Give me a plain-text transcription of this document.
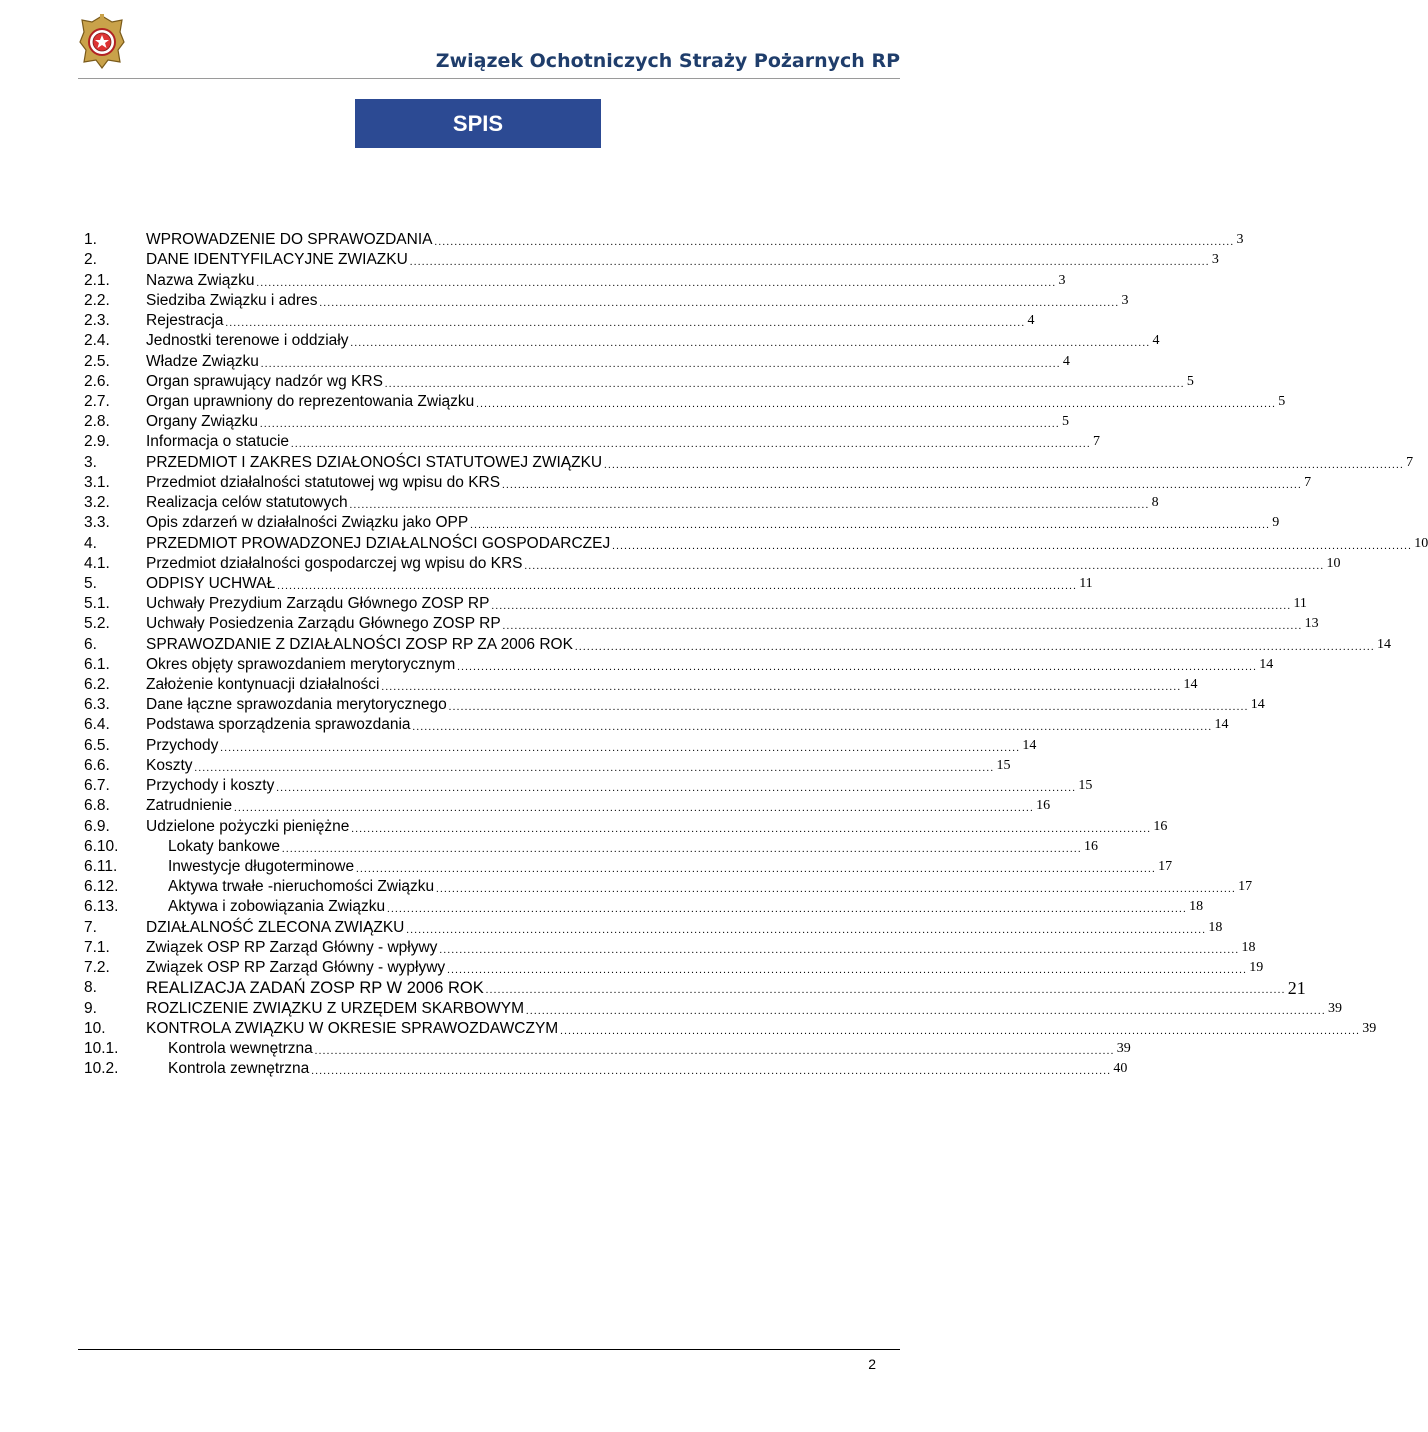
Związek Ochotniczych Straży Pożarnych RP
SPIS
1.	WPROWADZENIE DO SPRAWOZDANIA ........................................................................................................................................................................................................ 3
2.	DANE IDENTYFILACYJNE ZWIAZKU ........................................................................................................................................................................................................ 3
2.1.	Nazwa Związku ........................................................................................................................................................................................................ 3
2.2.	Siedziba Związku i adres ........................................................................................................................................................................................................ 3
2.3.	Rejestracja ........................................................................................................................................................................................................ 4
2.4.	Jednostki terenowe i oddziały ........................................................................................................................................................................................................ 4
2.5.	Władze Związku ........................................................................................................................................................................................................ 4
2.6.	Organ sprawujący nadzór wg KRS ........................................................................................................................................................................................................ 5
2.7.	Organ uprawniony do reprezentowania Związku ........................................................................................................................................................................................................ 5
2.8.	Organy Związku ........................................................................................................................................................................................................ 5
2.9.	Informacja o statucie ........................................................................................................................................................................................................ 7
3.	PRZEDMIOT I ZAKRES DZIAŁONOŚCI STATUTOWEJ ZWIĄZKU ........................................................................................................................................................................................................ 7
3.1.	Przedmiot działalności statutowej wg wpisu do KRS ........................................................................................................................................................................................................ 7
3.2.	Realizacja celów statutowych ........................................................................................................................................................................................................ 8
3.3.	Opis zdarzeń w działalności Związku jako OPP ........................................................................................................................................................................................................ 9
4.	PRZEDMIOT PROWADZONEJ DZIAŁALNOŚCI GOSPODARCZEJ ........................................................................................................................................................................................................ 10
4.1.	Przedmiot działalności gospodarczej wg wpisu do KRS ........................................................................................................................................................................................................ 10
5.	ODPISY UCHWAŁ ........................................................................................................................................................................................................ 11
5.1.	Uchwały Prezydium Zarządu Głównego ZOSP RP ........................................................................................................................................................................................................ 11
5.2.	Uchwały Posiedzenia Zarządu Głównego ZOSP RP ........................................................................................................................................................................................................ 13
6.	SPRAWOZDANIE Z DZIAŁALNOŚCI ZOSP RP ZA 2006 ROK ........................................................................................................................................................................................................ 14
6.1.	Okres objęty sprawozdaniem merytorycznym ........................................................................................................................................................................................................ 14
6.2.	Założenie kontynuacji działalności ........................................................................................................................................................................................................ 14
6.3.	Dane łączne sprawozdania merytorycznego ........................................................................................................................................................................................................ 14
6.4.	Podstawa sporządzenia sprawozdania ........................................................................................................................................................................................................ 14
6.5.	Przychody ........................................................................................................................................................................................................ 14
6.6.	Koszty ........................................................................................................................................................................................................ 15
6.7.	Przychody i koszty ........................................................................................................................................................................................................ 15
6.8.	Zatrudnienie ........................................................................................................................................................................................................ 16
6.9.	Udzielone pożyczki pieniężne ........................................................................................................................................................................................................ 16
6.10.	Lokaty bankowe ........................................................................................................................................................................................................ 16
6.11.	Inwestycje długoterminowe ........................................................................................................................................................................................................ 17
6.12.	Aktywa trwałe -nieruchomości Związku ........................................................................................................................................................................................................ 17
6.13.	Aktywa i zobowiązania Związku ........................................................................................................................................................................................................ 18
7.	DZIAŁALNOŚĆ ZLECONA ZWIĄZKU ........................................................................................................................................................................................................ 18
7.1.	Związek OSP RP Zarząd Główny - wpływy ........................................................................................................................................................................................................ 18
7.2.	Związek OSP RP Zarząd Główny - wypływy ........................................................................................................................................................................................................ 19
8.	REALIZACJA ZADAŃ ZOSP RP W 2006 ROK ........................................................................................................................................................................................................ 21
9.	ROZLICZENIE ZWIĄZKU Z URZĘDEM SKARBOWYM ........................................................................................................................................................................................................ 39
10.	KONTROLA ZWIĄZKU W OKRESIE SPRAWOZDAWCZYM ........................................................................................................................................................................................................ 39
10.1.	Kontrola wewnętrzna ........................................................................................................................................................................................................ 39
10.2.	Kontrola zewnętrzna ........................................................................................................................................................................................................ 40
2
